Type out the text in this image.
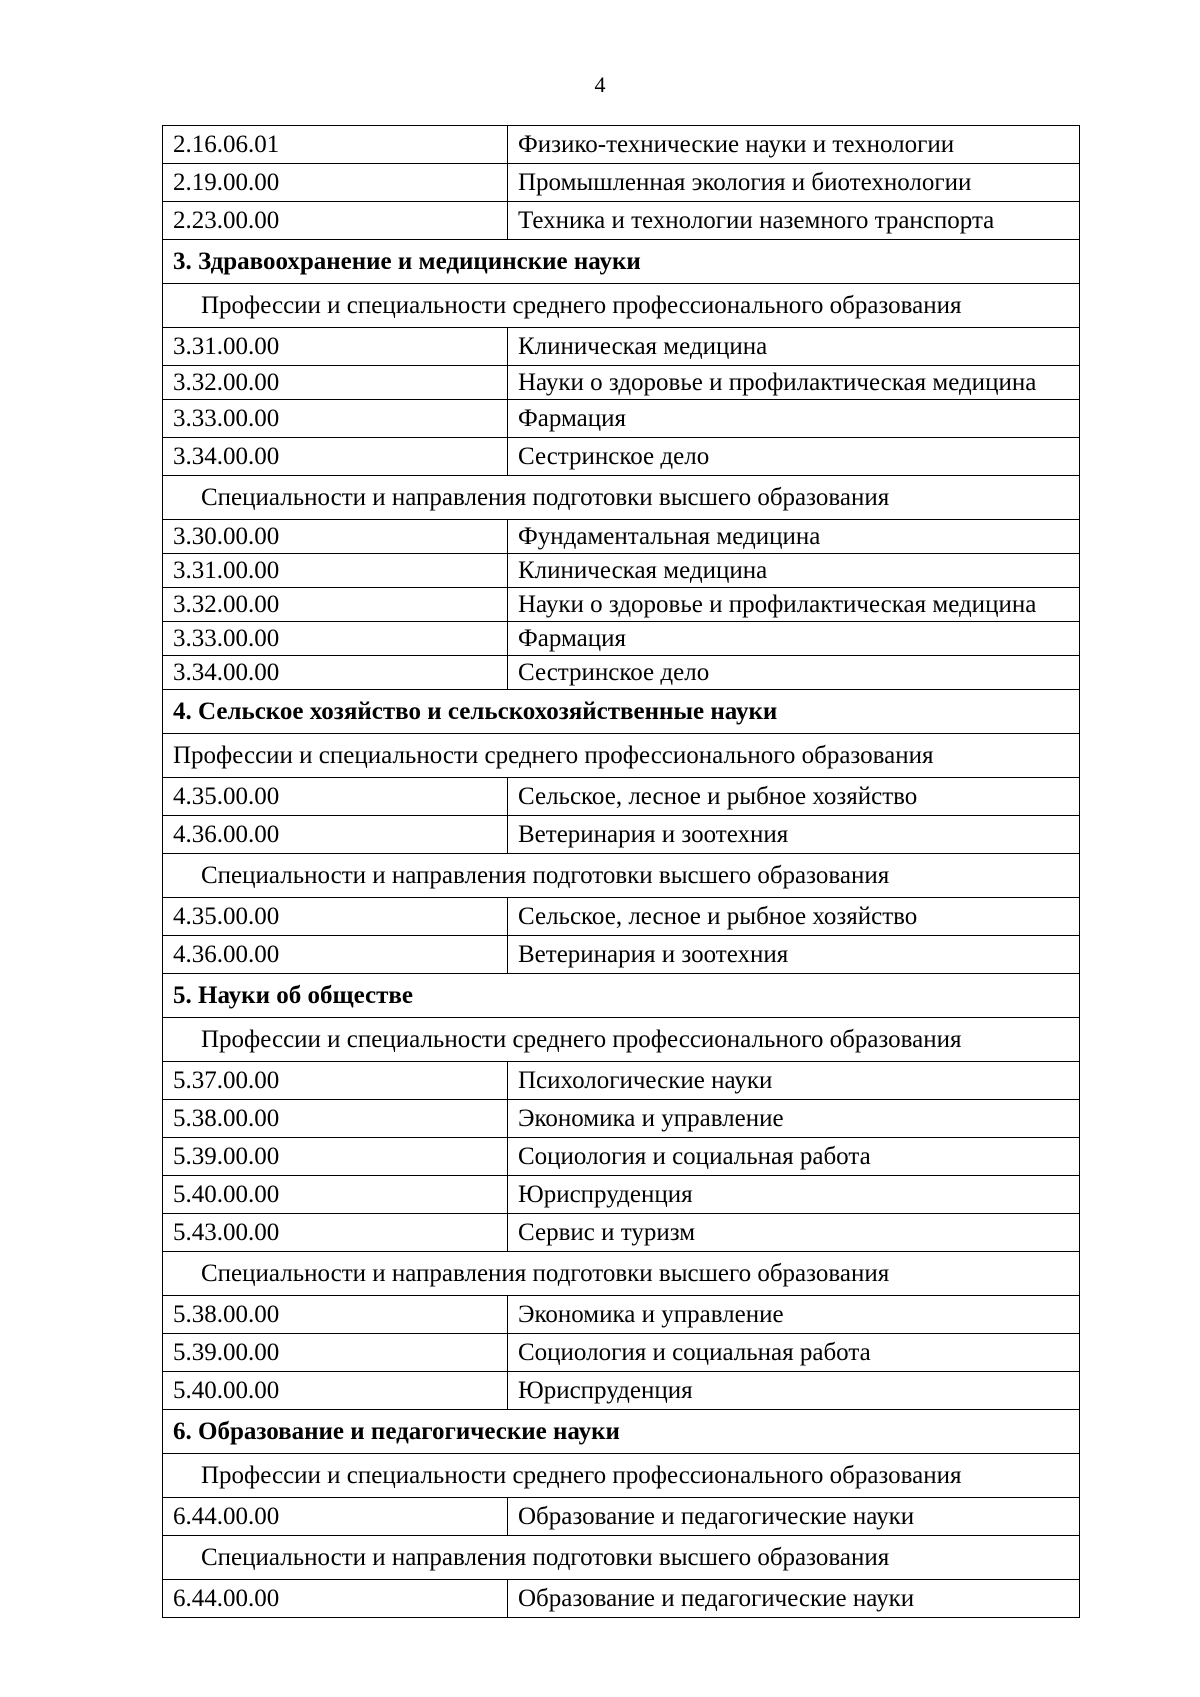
4
2.16.06.01	Физико-технические науки и технологии
2.19.00.00	Промышленная экология и биотехнологии
2.23.00.00	Техника и технологии наземного транспорта
3. Здравоохранение и медицинские науки	
Профессии и специальности среднего профессионального образования	
3.31.00.00	Клиническая медицина
3.32.00.00	Науки о здоровье и профилактическая медицина
3.33.00.00	Фармация
3.34.00.00	Сестринское дело
Специальности и направления подготовки высшего образования	
3.30.00.00	Фундаментальная медицина
3.31.00.00	Клиническая медицина
3.32.00.00	Науки о здоровье и профилактическая медицина
3.33.00.00	Фармация
3.34.00.00	Сестринское дело
4. Сельское хозяйство и сельскохозяйственные науки	
Профессии и специальности среднего профессионального образования	
4.35.00.00	Сельское, лесное и рыбное хозяйство
4.36.00.00	Ветеринария и зоотехния
Специальности и направления подготовки высшего образования	
4.35.00.00	Сельское, лесное и рыбное хозяйство
4.36.00.00	Ветеринария и зоотехния
5. Науки об обществе	
Профессии и специальности среднего профессионального образования	
5.37.00.00	Психологические науки
5.38.00.00	Экономика и управление
5.39.00.00	Социология и социальная работа
5.40.00.00	Юриспруденция
5.43.00.00	Сервис и туризм
Специальности и направления подготовки высшего образования	
5.38.00.00	Экономика и управление
5.39.00.00	Социология и социальная работа
5.40.00.00	Юриспруденция
6. Образование и педагогические науки	
Профессии и специальности среднего профессионального образования	
6.44.00.00	Образование и педагогические науки
Специальности и направления подготовки высшего образования	
6.44.00.00	Образование и педагогические науки
